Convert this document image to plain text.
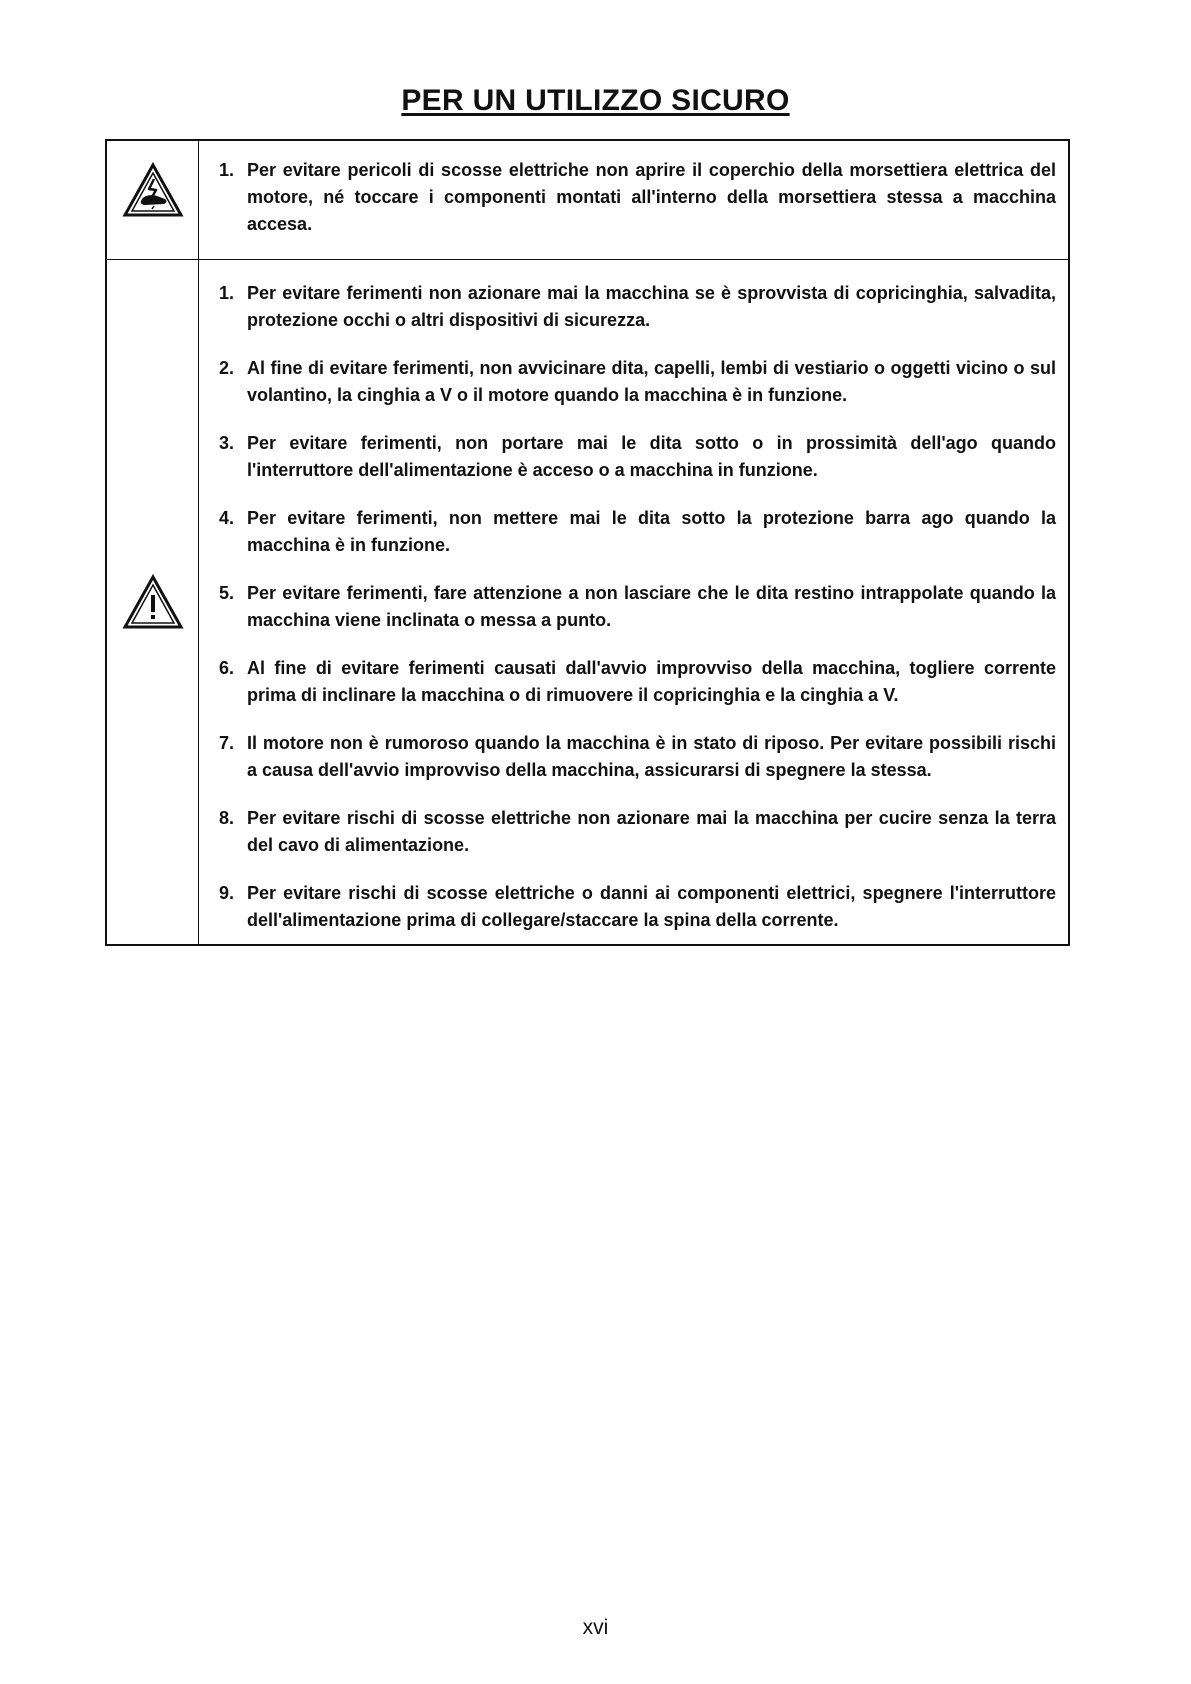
PER UN UTILIZZO SICURO
1. Per evitare pericoli di scosse elettriche non aprire il coperchio della morsettiera elettrica del motore, né toccare i componenti montati all'interno della morsettiera stessa a macchina accesa.
1. Per evitare ferimenti non azionare mai la macchina se è sprovvista di copricinghia, salvadita, protezione occhi o altri dispositivi di sicurezza.
2. Al fine di evitare ferimenti, non avvicinare dita, capelli, lembi di vestiario o oggetti vicino o sul volantino, la cinghia a V o il motore quando la macchina è in funzione.
3. Per evitare ferimenti, non portare mai le dita sotto o in prossimità dell'ago quando l'interruttore dell'alimentazione è acceso o a macchina in funzione.
4. Per evitare ferimenti, non mettere mai le dita sotto la protezione barra ago quando la macchina è in funzione.
5. Per evitare ferimenti, fare attenzione a non lasciare che le dita restino intrappolate quando la macchina viene inclinata o messa a punto.
6. Al fine di evitare ferimenti causati dall'avvio improvviso della macchina, togliere corrente prima di inclinare la macchina o di rimuovere il copricinghia e la cinghia a V.
7. Il motore non è rumoroso quando la macchina è in stato di riposo. Per evitare possibili rischi a causa dell'avvio improvviso della macchina, assicurarsi di spegnere la stessa.
8. Per evitare rischi di scosse elettriche non azionare mai la macchina per cucire senza la terra del cavo di alimentazione.
9. Per evitare rischi di scosse elettriche o danni ai componenti elettrici, spegnere l'interruttore dell'alimentazione prima di collegare/staccare la spina della corrente.
xvi
